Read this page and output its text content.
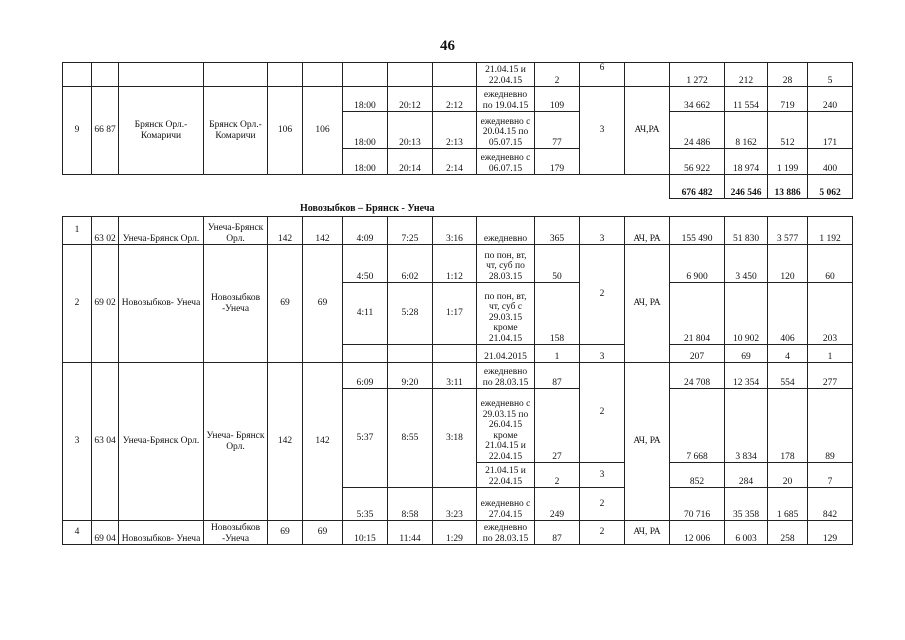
46
									21.04.15 и 22.04.15	2	6		1 272	212	28	5
9	66 87	Брянск Орл.- Комаричи	Брянск Орл.- Комаричи	106	106	18:00	20:12	2:12	ежедневно по 19.04.15	109	3	АЧ,РА	34 662	11 554	719	240
						18:00	20:13	2:13	ежедневно с 20.04.15 по 05.07.15	77			24 486	8 162	512	171
						18:00	20:14	2:14	ежедневно с 06.07.15	179			56 922	18 974	1 199	400
													676 482	246 546	13 886	5 062
Новозыбков – Брянск - Унеча
1	63 02	Унеча-Брянск Орл.	Унеча-Брянск Орл.	142	142	4:09	7:25	3:16	ежедневно	365	3	АЧ, РА	155 490	51 830	3 577	1 192
2	69 02	Новозыбков- Унеча	Новозыбков -Унеча	69	69	4:50	6:02	1:12	по пон, вт, чт, суб по 28.03.15	50	2	АЧ, РА	6 900	3 450	120	60
						4:11	5:28	1:17	по пон, вт, чт, суб с 29.03.15 кроме 21.04.15	158			21 804	10 902	406	203
									21.04.2015	1	3		207	69	4	1
3	63 04	Унеча-Брянск Орл.	Унеча- Брянск Орл.	142	142	6:09	9:20	3:11	ежедневно по 28.03.15	87	2	АЧ, РА	24 708	12 354	554	277
						5:37	8:55	3:18	ежедневно с 29.03.15 по 26.04.15 кроме 21.04.15 и 22.04.15	27			7 668	3 834	178	89
									21.04.15 и 22.04.15	2	3		852	284	20	7
						5:35	8:58	3:23	ежедневно с 27.04.15	249	2		70 716	35 358	1 685	842
4	69 04	Новозыбков- Унеча	Новозыбков -Унеча	69	69	10:15	11:44	1:29	ежедневно по 28.03.15	87	2	АЧ, РА	12 006	6 003	258	129
